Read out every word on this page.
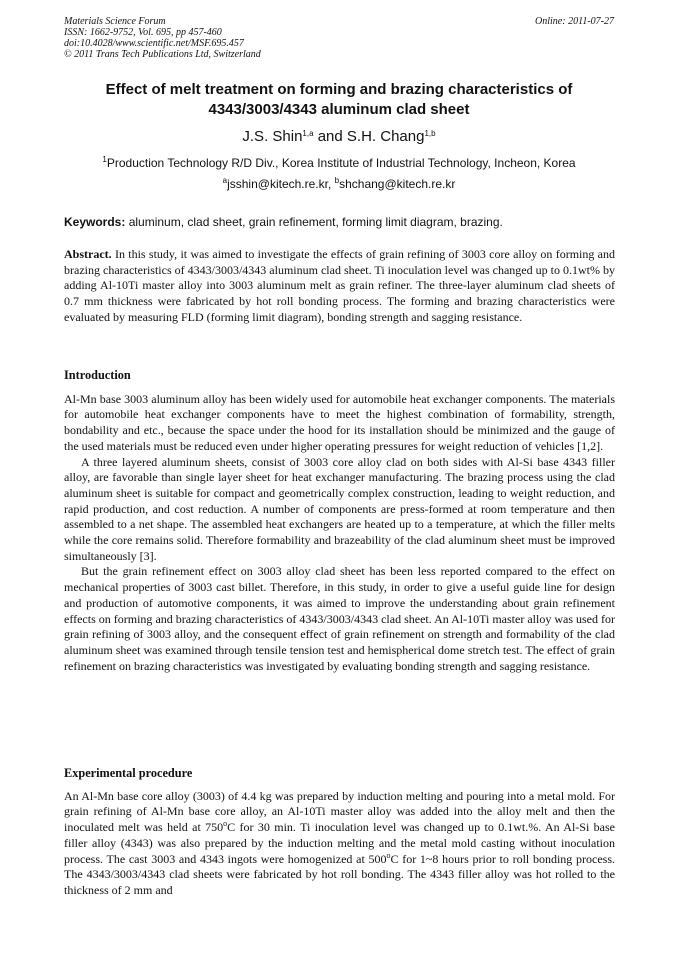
Materials Science Forum
ISSN: 1662-9752, Vol. 695, pp 457-460
doi:10.4028/www.scientific.net/MSF.695.457
© 2011 Trans Tech Publications Ltd, Switzerland
Online: 2011-07-27
Effect of melt treatment on forming and brazing characteristics of 4343/3003/4343 aluminum clad sheet
J.S. Shin$^{1,a}$ and S.H. Chang$^{1,b}$
$^1$Production Technology R/D Div., Korea Institute of Industrial Technology, Incheon, Korea
$^a$jsshin@kitech.re.kr, $^b$shchang@kitech.re.kr
Keywords: aluminum, clad sheet, grain refinement, forming limit diagram, brazing.

Abstract. In this study, it was aimed to investigate the effects of grain refining of 3003 core alloy on forming and brazing characteristics of 4343/3003/4343 aluminum clad sheet. Ti inoculation level was changed up to 0.1wt% by adding Al-10Ti master alloy into 3003 aluminum melt as grain refiner. The three-layer aluminum clad sheets of 0.7 mm thickness were fabricated by hot roll bonding process. The forming and brazing characteristics were evaluated by measuring FLD (forming limit diagram), bonding strength and sagging resistance.

Introduction

Al-Mn base 3003 aluminum alloy has been widely used for automobile heat exchanger components. The materials for automobile heat exchanger components have to meet the highest combination of formability, strength, bondability and etc., because the space under the hood for its installation should be minimized and the gauge of the used materials must be reduced even under higher operating pressures for weight reduction of vehicles [1,2].

A three layered aluminum sheets, consist of 3003 core alloy clad on both sides with Al-Si base 4343 filler alloy, are favorable than single layer sheet for heat exchanger manufacturing. The brazing process using the clad aluminum sheet is suitable for compact and geometrically complex construction, leading to weight reduction, and rapid production, and cost reduction. A number of components are press-formed at room temperature and then assembled to a net shape. The assembled heat exchangers are heated up to a temperature, at which the filler melts while the core remains solid. Therefore formability and brazeability of the clad aluminum sheet must be improved simultaneously [3].

But the grain refinement effect on 3003 alloy clad sheet has been less reported compared to the effect on mechanical properties of 3003 cast billet. Therefore, in this study, in order to give a useful guide line for design and production of automotive components, it was aimed to improve the understanding about grain refinement effects on forming and brazing characteristics of 4343/3003/4343 clad sheet. An Al-10Ti master alloy was used for grain refining of 3003 alloy, and the consequent effect of grain refinement on strength and formability of the clad aluminum sheet was examined through tensile tension test and hemispherical dome stretch test. The effect of grain refinement on brazing characteristics was investigated by evaluating bonding strength and sagging resistance.

Experimental procedure

An Al-Mn base core alloy (3003) of 4.4 kg was prepared by induction melting and pouring into a metal mold. For grain refining of Al-Mn base core alloy, an Al-10Ti master alloy was added into the alloy melt and then the inoculated melt was held at 750$^o$C for 30 min. Ti inoculation level was changed up to 0.1wt.%. An Al-Si base filler alloy (4343) was also prepared by the induction melting and the metal mold casting without inoculation process. The cast 3003 and 4343 ingots were homogenized at 500$^o$C for 1~8 hours prior to roll bonding process. The 4343/3003/4343 clad sheets were fabricated by hot roll bonding. The 4343 filler alloy was hot rolled to the thickness of 2 mm and
